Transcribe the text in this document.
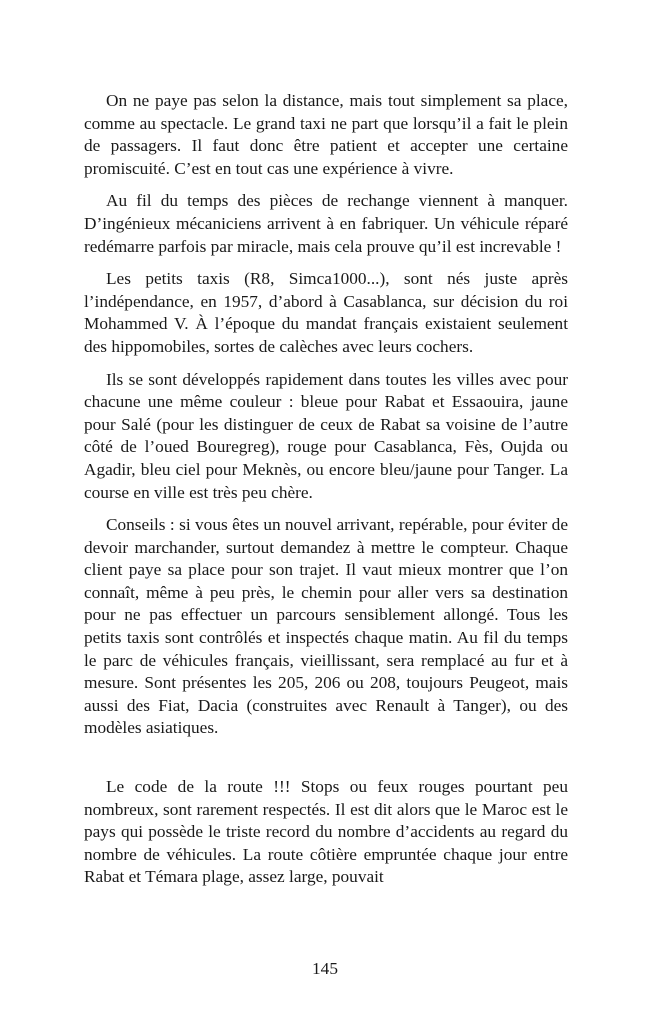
On ne paye pas selon la distance, mais tout simplement sa place, comme au spectacle. Le grand taxi ne part que lorsqu’il a fait le plein de passagers. Il faut donc être patient et accepter une certaine promiscuité. C’est en tout cas une expérience à vivre.

Au fil du temps des pièces de rechange viennent à manquer. D’ingénieux mécaniciens arrivent à en fabriquer. Un véhicule réparé redémarre parfois par miracle, mais cela prouve qu’il est increvable !

Les petits taxis (R8, Simca1000...), sont nés juste après l’indépendance, en 1957, d’abord à Casablanca, sur décision du roi Mohammed V. À l’époque du mandat français existaient seulement des hippomobiles, sortes de calèches avec leurs cochers.

Ils se sont développés rapidement dans toutes les villes avec pour chacune une même couleur : bleue pour Rabat et Essaouira, jaune pour Salé (pour les distinguer de ceux de Rabat sa voisine de l’autre côté de l’oued Bouregreg), rouge pour Casablanca, Fès, Oujda ou Agadir, bleu ciel pour Meknès, ou encore bleu/jaune pour Tanger. La course en ville est très peu chère.

Conseils : si vous êtes un nouvel arrivant, repérable, pour éviter de devoir marchander, surtout demandez à mettre le compteur. Chaque client paye sa place pour son trajet. Il vaut mieux montrer que l’on connaît, même à peu près, le chemin pour aller vers sa destination pour ne pas effectuer un parcours sensiblement allongé. Tous les petits taxis sont contrôlés et inspectés chaque matin. Au fil du temps le parc de véhicules français, vieillissant, sera remplacé au fur et à mesure. Sont présentes les 205, 206 ou 208, toujours Peugeot, mais aussi des Fiat, Dacia (construites avec Renault à Tanger), ou des modèles asiatiques.

Le code de la route !!! Stops ou feux rouges pourtant peu nombreux, sont rarement respectés. Il est dit alors que le Maroc est le pays qui possède le triste record du nombre d’accidents au regard du nombre de véhicules. La route côtière empruntée chaque jour entre Rabat et Témara plage, assez large, pouvait

145
